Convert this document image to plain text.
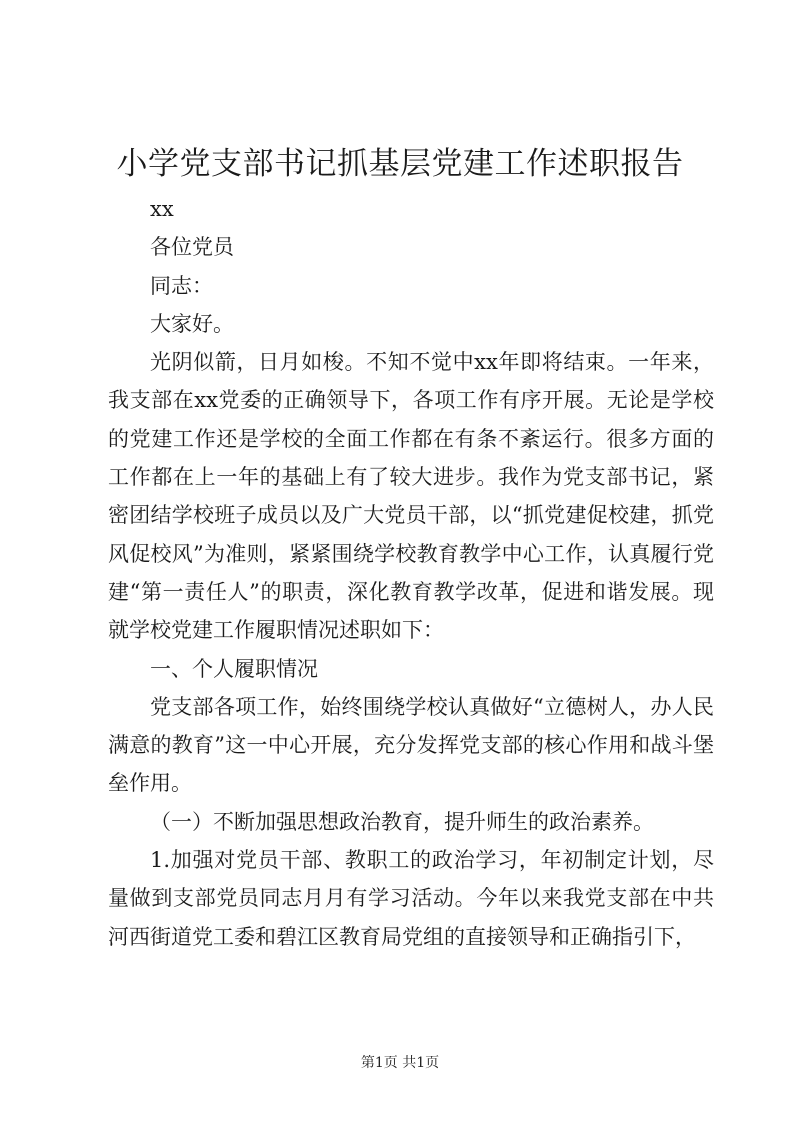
小学党支部书记抓基层党建工作述职报告

xx

各位党员

同志：

大家好。

光阴似箭，日月如梭。不知不觉中xx年即将结束。一年来，我支部在xx党委的正确领导下，各项工作有序开展。无论是学校的党建工作还是学校的全面工作都在有条不紊运行。很多方面的工作都在上一年的基础上有了较大进步。我作为党支部书记，紧密团结学校班子成员以及广大党员干部，以“抓党建促校建，抓党风促校风”为准则，紧紧围绕学校教育教学中心工作，认真履行党建“第一责任人”的职责，深化教育教学改革，促进和谐发展。现就学校党建工作履职情况述职如下：

一、个人履职情况

党支部各项工作，始终围绕学校认真做好“立德树人，办人民满意的教育”这一中心开展，充分发挥党支部的核心作用和战斗堡垒作用。

（一）不断加强思想政治教育，提升师生的政治素养。

1.加强对党员干部、教职工的政治学习，年初制定计划，尽量做到支部党员同志月月有学习活动。今年以来我党支部在中共河西街道党工委和碧江区教育局党组的直接领导和正确指引下，

第1页 共1页
